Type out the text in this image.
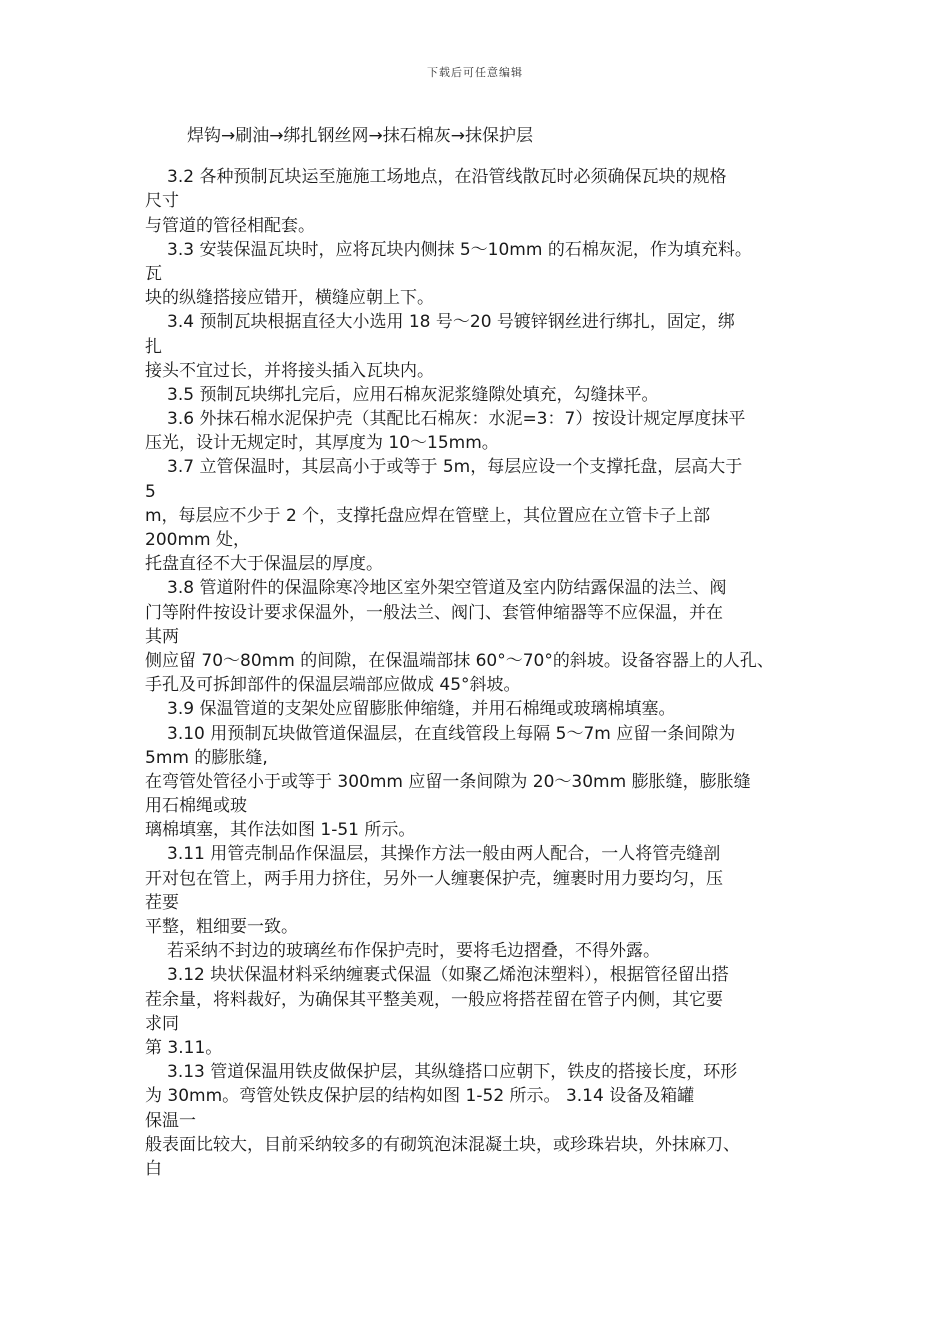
下载后可任意编辑
焊钩→刷油→绑扎钢丝网→抹石棉灰→抹保护层
3.2 各种预制瓦块运至施施工场地点，在沿管线散瓦时必须确保瓦块的规格
尺寸
与管道的管径相配套。
3.3 安装保温瓦块时，应将瓦块内侧抹 5～10mm 的石棉灰泥，作为填充料。
瓦
块的纵缝搭接应错开，横缝应朝上下。
3.4 预制瓦块根据直径大小选用 18 号～20 号镀锌钢丝进行绑扎，固定，绑
扎
接头不宜过长，并将接头插入瓦块内。
3.5 预制瓦块绑扎完后，应用石棉灰泥浆缝隙处填充，勾缝抹平。
3.6 外抹石棉水泥保护壳（其配比石棉灰：水泥=3：7）按设计规定厚度抹平
压光，设计无规定时，其厚度为 10～15mm。
3.7 立管保温时，其层高小于或等于 5m，每层应设一个支撑托盘，层高大于
5
m，每层应不少于 2 个，支撑托盘应焊在管壁上，其位置应在立管卡子上部
200mm 处，
托盘直径不大于保温层的厚度。
3.8 管道附件的保温除寒冷地区室外架空管道及室内防结露保温的法兰、阀
门等附件按设计要求保温外，一般法兰、阀门、套管伸缩器等不应保温，并在
其两
侧应留 70～80mm 的间隙，在保温端部抹 60°～70°的斜坡。设备容器上的人孔、
手孔及可拆卸部件的保温层端部应做成 45°斜坡。
3.9 保温管道的支架处应留膨胀伸缩缝，并用石棉绳或玻璃棉填塞。
3.10 用预制瓦块做管道保温层，在直线管段上每隔 5～7m 应留一条间隙为
5mm 的膨胀缝,
在弯管处管径小于或等于 300mm 应留一条间隙为 20～30mm 膨胀缝，膨胀缝
用石棉绳或玻
璃棉填塞，其作法如图 1-51 所示。
3.11 用管壳制品作保温层，其操作方法一般由两人配合，一人将管壳缝剖
开对包在管上，两手用力挤住，另外一人缠裹保护壳，缠裹时用力要均匀，压
茬要
平整，粗细要一致。
若采纳不封边的玻璃丝布作保护壳时，要将毛边摺叠，不得外露。
3.12 块状保温材料采纳缠裹式保温（如聚乙烯泡沫塑料），根据管径留出搭
茬余量，将料裁好，为确保其平整美观，一般应将搭茬留在管子内侧，其它要
求同
第 3.11。
3.13 管道保温用铁皮做保护层，其纵缝搭口应朝下，铁皮的搭接长度，环形
为 30mm。弯管处铁皮保护层的结构如图 1-52 所示。 3.14 设备及箱罐
保温一
般表面比较大，目前采纳较多的有砌筑泡沫混凝土块，或珍珠岩块，外抹麻刀、
白
